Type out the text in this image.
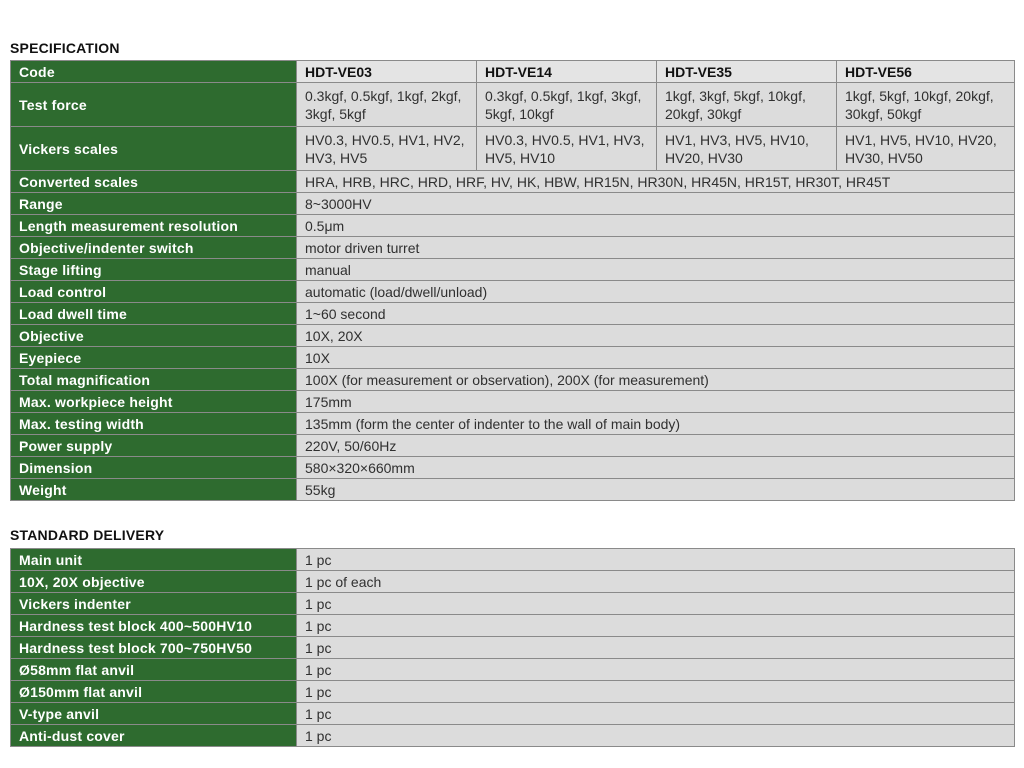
SPECIFICATION
Code	HDT-VE03	HDT-VE14	HDT-VE35	HDT-VE56
Test force	0.3kgf, 0.5kgf, 1kgf, 2kgf, 3kgf, 5kgf	0.3kgf, 0.5kgf, 1kgf, 3kgf, 5kgf, 10kgf	1kgf, 3kgf, 5kgf, 10kgf, 20kgf, 30kgf	1kgf, 5kgf, 10kgf, 20kgf, 30kgf, 50kgf
Vickers scales	HV0.3, HV0.5, HV1, HV2, HV3, HV5	HV0.3, HV0.5, HV1, HV3, HV5, HV10	HV1, HV3, HV5, HV10, HV20, HV30	HV1, HV5, HV10, HV20, HV30, HV50
Converted scales	HRA, HRB, HRC, HRD, HRF, HV, HK, HBW, HR15N, HR30N, HR45N, HR15T, HR30T, HR45T			
Range	8~3000HV			
Length measurement resolution	0.5μm			
Objective/indenter switch	motor driven turret			
Stage lifting	manual			
Load control	automatic (load/dwell/unload)			
Load dwell time	1~60 second			
Objective	10X, 20X			
Eyepiece	10X			
Total magnification	100X (for measurement or observation), 200X (for measurement)			
Max. workpiece height	175mm			
Max. testing width	135mm (form the center of indenter to the wall of main body)			
Power supply	220V, 50/60Hz			
Dimension	580×320×660mm			
Weight	55kg			
STANDARD DELIVERY
Main unit	1 pc
10X, 20X objective	1 pc of each
Vickers indenter	1 pc
Hardness test block 400~500HV10	1 pc
Hardness test block 700~750HV50	1 pc
Ø58mm flat anvil	1 pc
Ø150mm flat anvil	1 pc
V-type anvil	1 pc
Anti-dust cover	1 pc
